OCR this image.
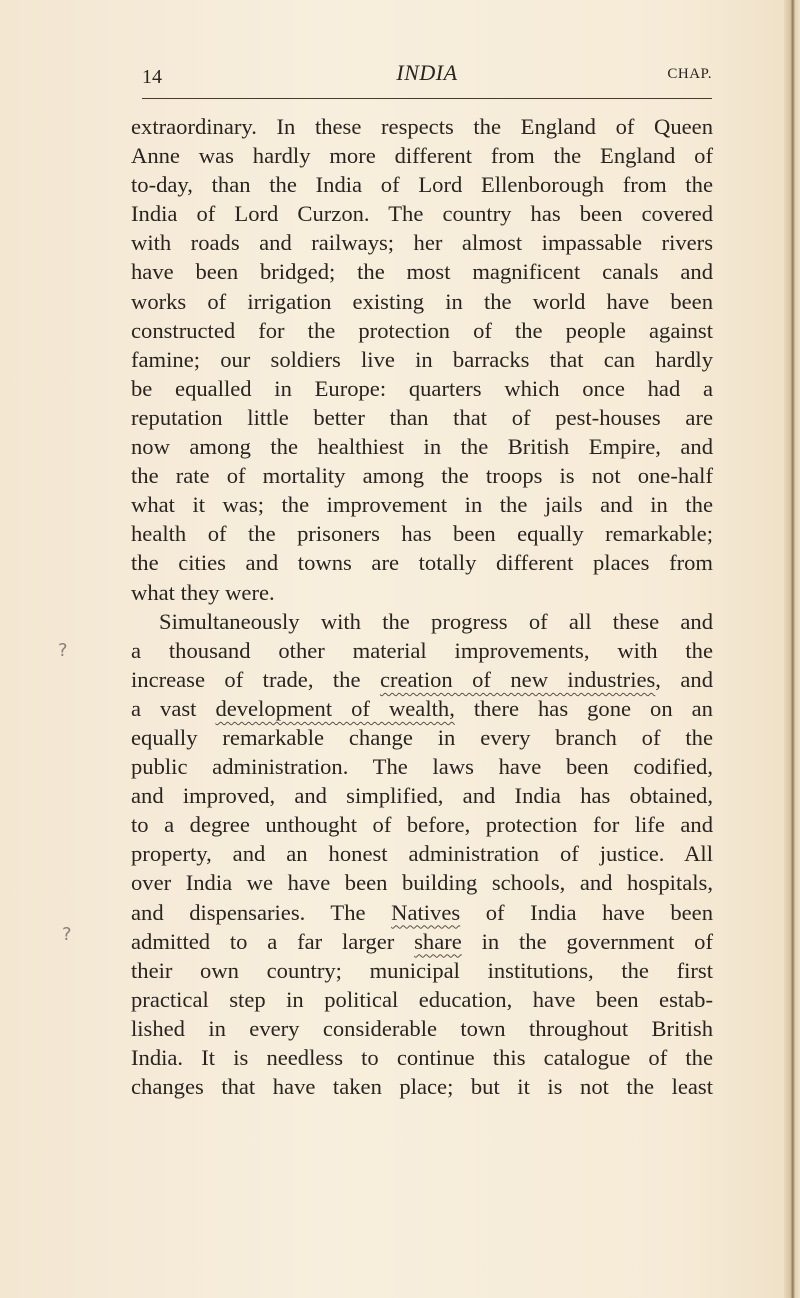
14	INDIA	CHAP.
?
?
extraordinary. In these respects the England of Queen
Anne was hardly more different from the England of
to-day, than the India of Lord Ellenborough from the
India of Lord Curzon. The country has been covered
with roads and railways; her almost impassable rivers
have been bridged; the most magnificent canals and
works of irrigation existing in the world have been
constructed for the protection of the people against
famine; our soldiers live in barracks that can hardly
be equalled in Europe: quarters which once had a
reputation little better than that of pest-houses are
now among the healthiest in the British Empire, and
the rate of mortality among the troops is not one-half
what it was; the improvement in the jails and in the
health of the prisoners has been equally remarkable;
the cities and towns are totally different places from
what they were.
Simultaneously with the progress of all these and
a thousand other material improvements, with the
increase of trade, the creation of new industries, and
a vast development of wealth, there has gone on an
equally remarkable change in every branch of the
public administration. The laws have been codified,
and improved, and simplified, and India has obtained,
to a degree unthought of before, protection for life and
property, and an honest administration of justice. All
over India we have been building schools, and hospitals,
and dispensaries. The Natives of India have been
admitted to a far larger share in the government of
their own country; municipal institutions, the first
practical step in political education, have been estab-
lished in every considerable town throughout British
India. It is needless to continue this catalogue of the
changes that have taken place; but it is not the least
